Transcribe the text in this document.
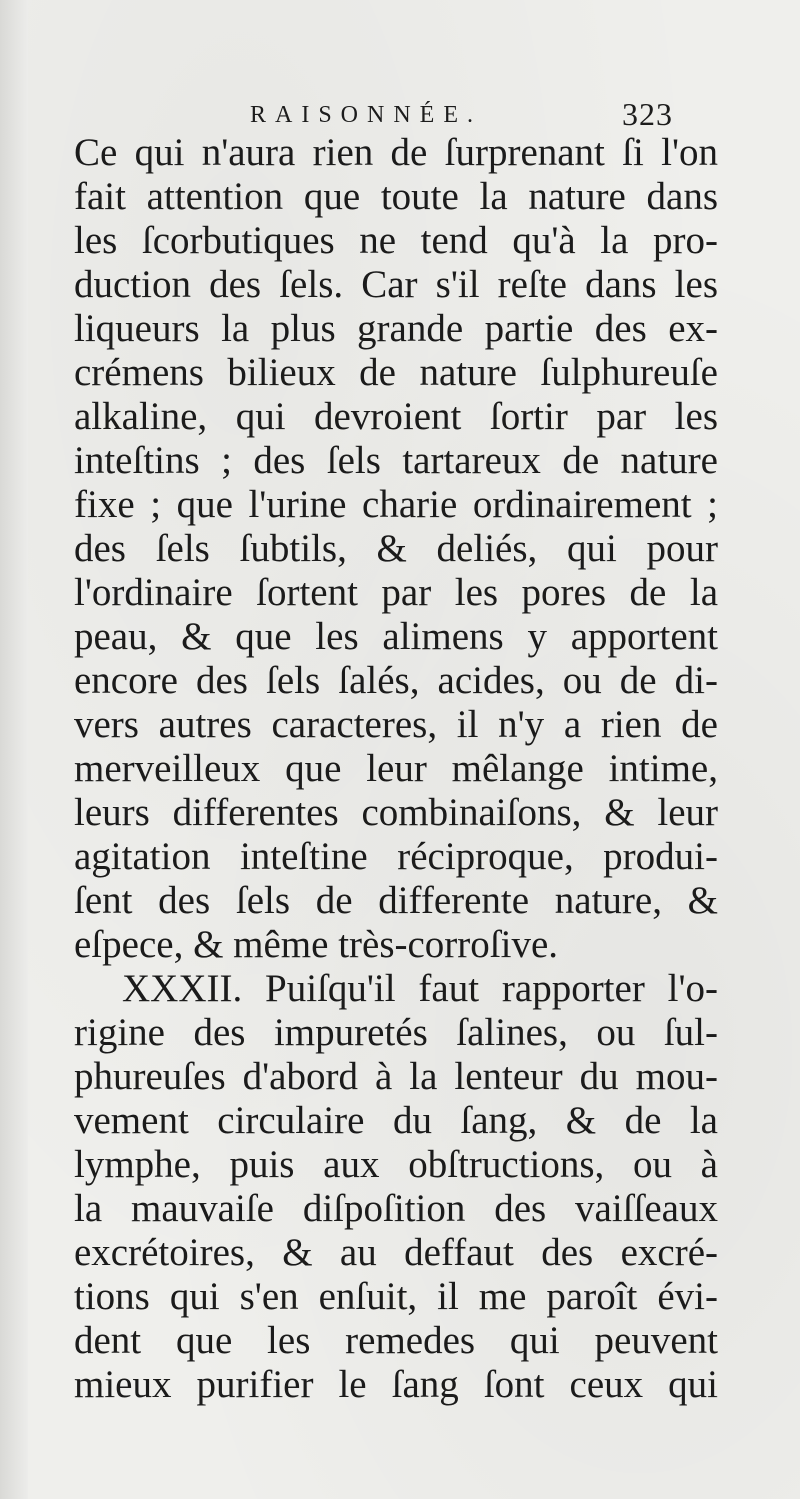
RAISONNÉE.	323
Ce qui n'aura rien de ſurprenant ſi l'on
fait attention que toute la nature dans
les ſcorbutiques ne tend qu'à la pro-
duction des ſels. Car s'il reſte dans les
liqueurs la plus grande partie des ex-
crémens bilieux de nature ſulphureuſe
alkaline, qui devroient ſortir par les
inteſtins ; des ſels tartareux de nature
fixe ; que l'urine charie ordinairement ;
des ſels ſubtils, & deliés, qui pour
l'ordinaire ſortent par les pores de la
peau, & que les alimens y apportent
encore des ſels ſalés, acides, ou de di-
vers autres caracteres, il n'y a rien de
merveilleux que leur mêlange intime,
leurs differentes combinaiſons, & leur
agitation inteſtine réciproque, produi-
ſent des ſels de differente nature, &
eſpece, & même très-corroſive.
XXXII. Puiſqu'il faut rapporter l'o-
rigine des impuretés ſalines, ou ſul-
phureuſes d'abord à la lenteur du mou-
vement circulaire du ſang, & de la
lymphe, puis aux obſtructions, ou à
la mauvaiſe diſpoſition des vaiſſeaux
excrétoires, & au deffaut des excré-
tions qui s'en enſuit, il me paroît évi-
dent que les remedes qui peuvent
mieux purifier le ſang ſont ceux qui
